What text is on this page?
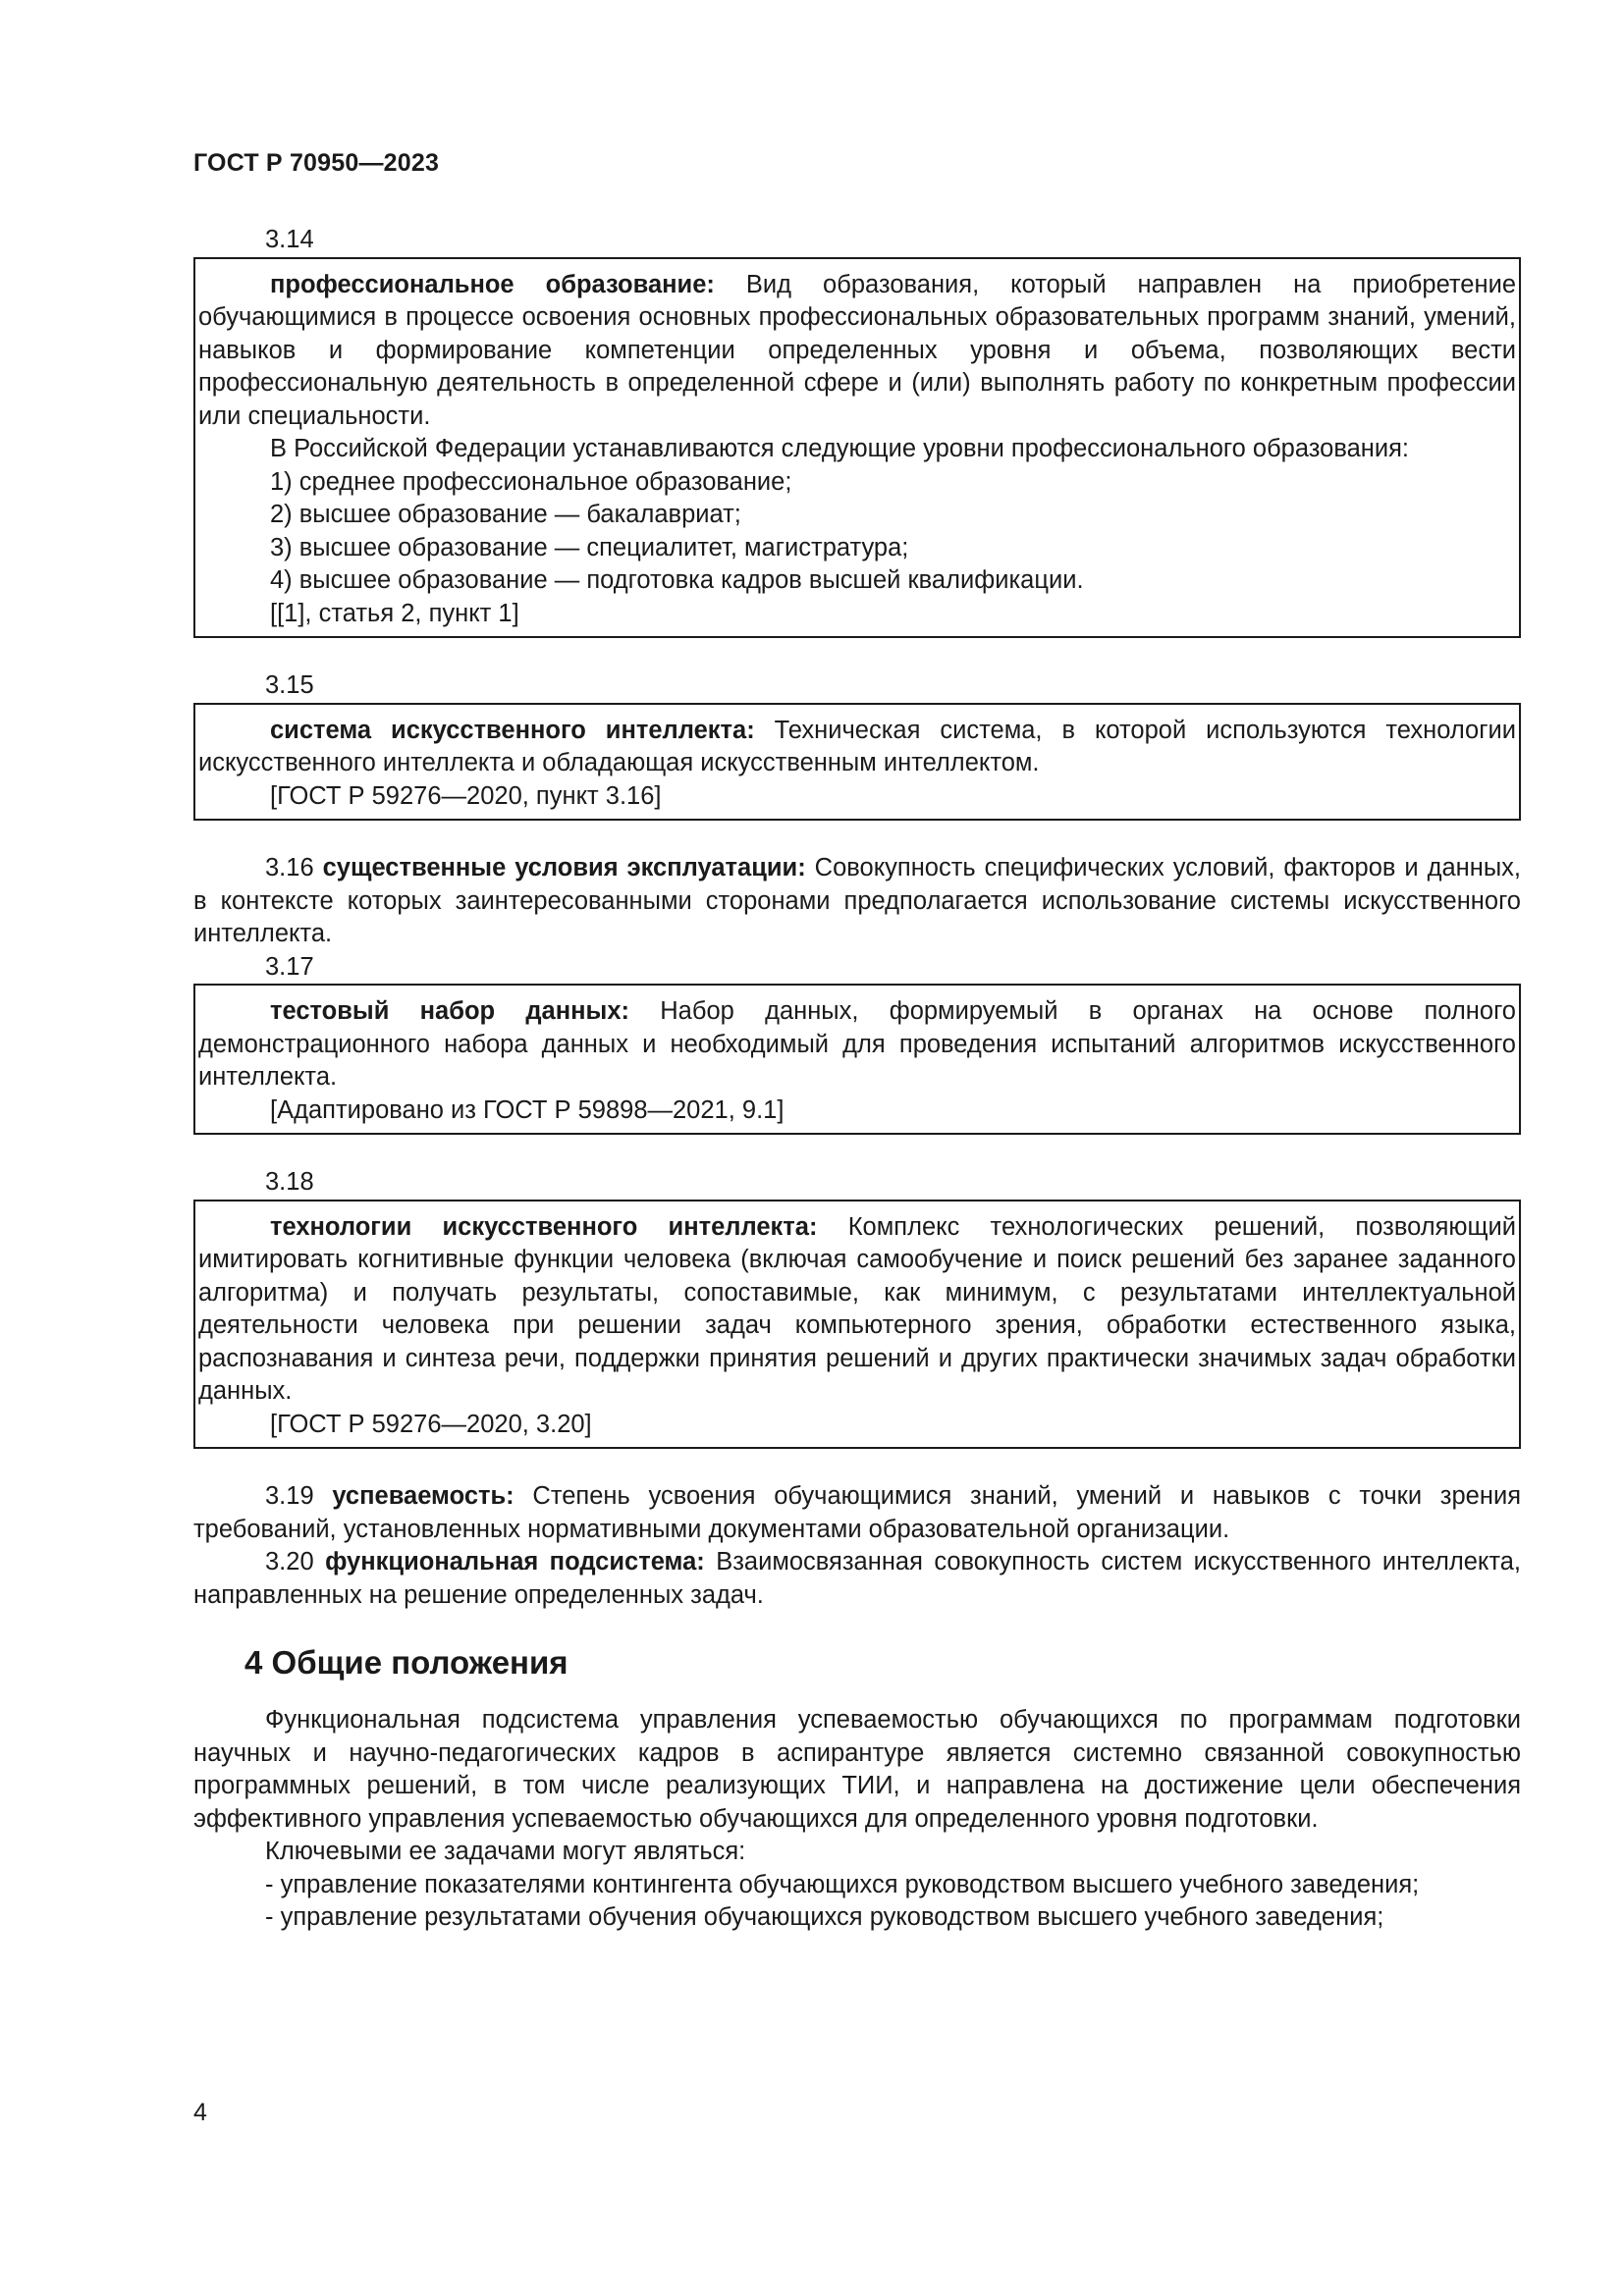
ГОСТ Р 70950—2023

3.14

профессиональное образование: Вид образования, который направлен на приобретение обучающимися в процессе освоения основных профессиональных образовательных программ знаний, умений, навыков и формирование компетенции определенных уровня и объема, позволяющих вести профессиональную деятельность в определенной сфере и (или) выполнять работу по конкретным профессии или специальности.

В Российской Федерации устанавливаются следующие уровни профессионального образования:

1) среднее профессиональное образование;

2) высшее образование — бакалавриат;

3) высшее образование — специалитет, магистратура;

4) высшее образование — подготовка кадров высшей квалификации.

[[1], статья 2, пункт 1]

3.15

система искусственного интеллекта: Техническая система, в которой используются технологии искусственного интеллекта и обладающая искусственным интеллектом.

[ГОСТ Р 59276—2020, пункт 3.16]

3.16 существенные условия эксплуатации: Совокупность специфических условий, факторов и данных, в контексте которых заинтересованными сторонами предполагается использование системы искусственного интеллекта.

3.17

тестовый набор данных: Набор данных, формируемый в органах на основе полного демонстрационного набора данных и необходимый для проведения испытаний алгоритмов искусственного интеллекта.

[Адаптировано из ГОСТ Р 59898—2021, 9.1]

3.18

технологии искусственного интеллекта: Комплекс технологических решений, позволяющий имитировать когнитивные функции человека (включая самообучение и поиск решений без заранее заданного алгоритма) и получать результаты, сопоставимые, как минимум, с результатами интеллектуальной деятельности человека при решении задач компьютерного зрения, обработки естественного языка, распознавания и синтеза речи, поддержки принятия решений и других практически значимых задач обработки данных.

[ГОСТ Р 59276—2020, 3.20]

3.19 успеваемость: Степень усвоения обучающимися знаний, умений и навыков с точки зрения требований, установленных нормативными документами образовательной организации.

3.20 функциональная подсистема: Взаимосвязанная совокупность систем искусственного интеллекта, направленных на решение определенных задач.

4 Общие положения

Функциональная подсистема управления успеваемостью обучающихся по программам подготовки научных и научно-педагогических кадров в аспирантуре является системно связанной совокупностью программных решений, в том числе реализующих ТИИ, и направлена на достижение цели обеспечения эффективного управления успеваемостью обучающихся для определенного уровня подготовки.

Ключевыми ее задачами могут являться:

- управление показателями контингента обучающихся руководством высшего учебного заведения;

- управление результатами обучения обучающихся руководством высшего учебного заведения;

4
